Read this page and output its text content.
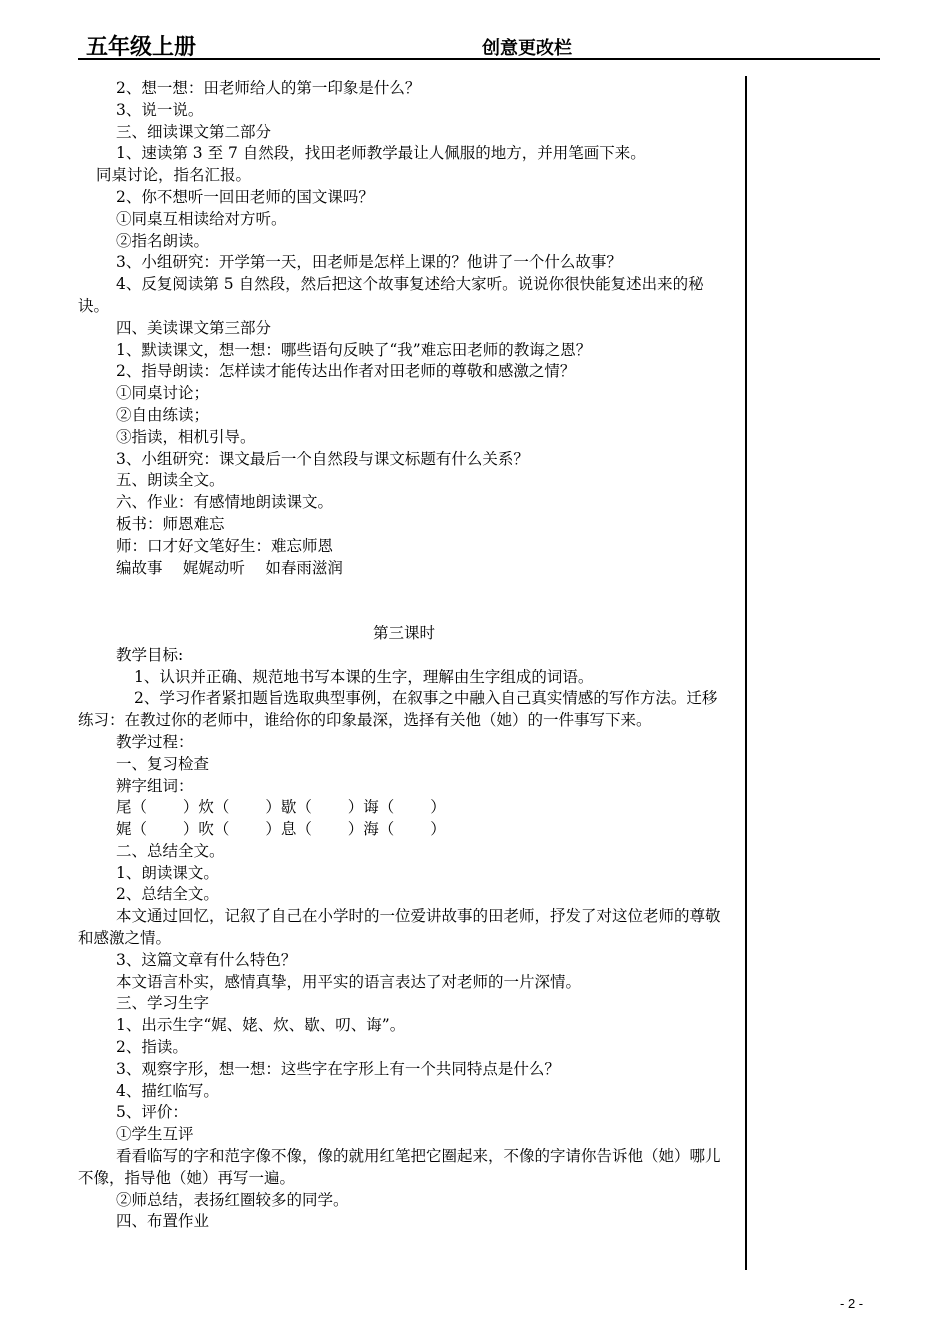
五年级上册	创意更改栏
2、想一想：田老师给人的第一印象是什么？
3、说一说。
三、细读课文第二部分
1、速读第 3 至 7 自然段，找田老师教学最让人佩服的地方，并用笔画下来。
同桌讨论，指名汇报。
2、你不想听一回田老师的国文课吗？
①同桌互相读给对方听。
②指名朗读。
3、小组研究：开学第一天，田老师是怎样上课的？他讲了一个什么故事？
4、反复阅读第 5 自然段，然后把这个故事复述给大家听。说说你很快能复述出来的秘诀。
四、美读课文第三部分
1、默读课文，想一想：哪些语句反映了“我”难忘田老师的教诲之恩？
2、指导朗读：怎样读才能传达出作者对田老师的尊敬和感激之情？
①同桌讨论；
②自由练读；
③指读，相机引导。
3、小组研究：课文最后一个自然段与课文标题有什么关系？
五、朗读全文。
六、作业：有感情地朗读课文。
板书：师恩难忘
师：口才好文笔好生：难忘师恩
编故事　 娓娓动听　 如春雨滋润
第三课时
教学目标:
1、认识并正确、规范地书写本课的生字，理解由生字组成的词语。
2、学习作者紧扣题旨选取典型事例，在叙事之中融入自己真实情感的写作方法。迁移练习：在教过你的老师中，谁给你的印象最深，选择有关他（她）的一件事写下来。
教学过程：
一、复习检查
辨字组词：
尾（　　 ）炊（　　 ）歇（　　 ）诲（　　 ）
娓（　　 ）吹（　　 ）息（　　 ）海（　　 ）
二、总结全文。
1、朗读课文。
2、总结全文。
本文通过回忆，记叙了自己在小学时的一位爱讲故事的田老师，抒发了对这位老师的尊敬和感激之情。
3、这篇文章有什么特色？
本文语言朴实，感情真挚，用平实的语言表达了对老师的一片深情。
三、学习生字
1、出示生字“娓、姥、炊、歇、叨、诲”。
2、指读。
3、观察字形，想一想：这些字在字形上有一个共同特点是什么？
4、描红临写。
5、评价：
①学生互评
看看临写的字和范字像不像，像的就用红笔把它圈起来，不像的字请你告诉他（她）哪儿不像，指导他（她）再写一遍。
②师总结，表扬红圈较多的同学。
四、布置作业
- 2 -
